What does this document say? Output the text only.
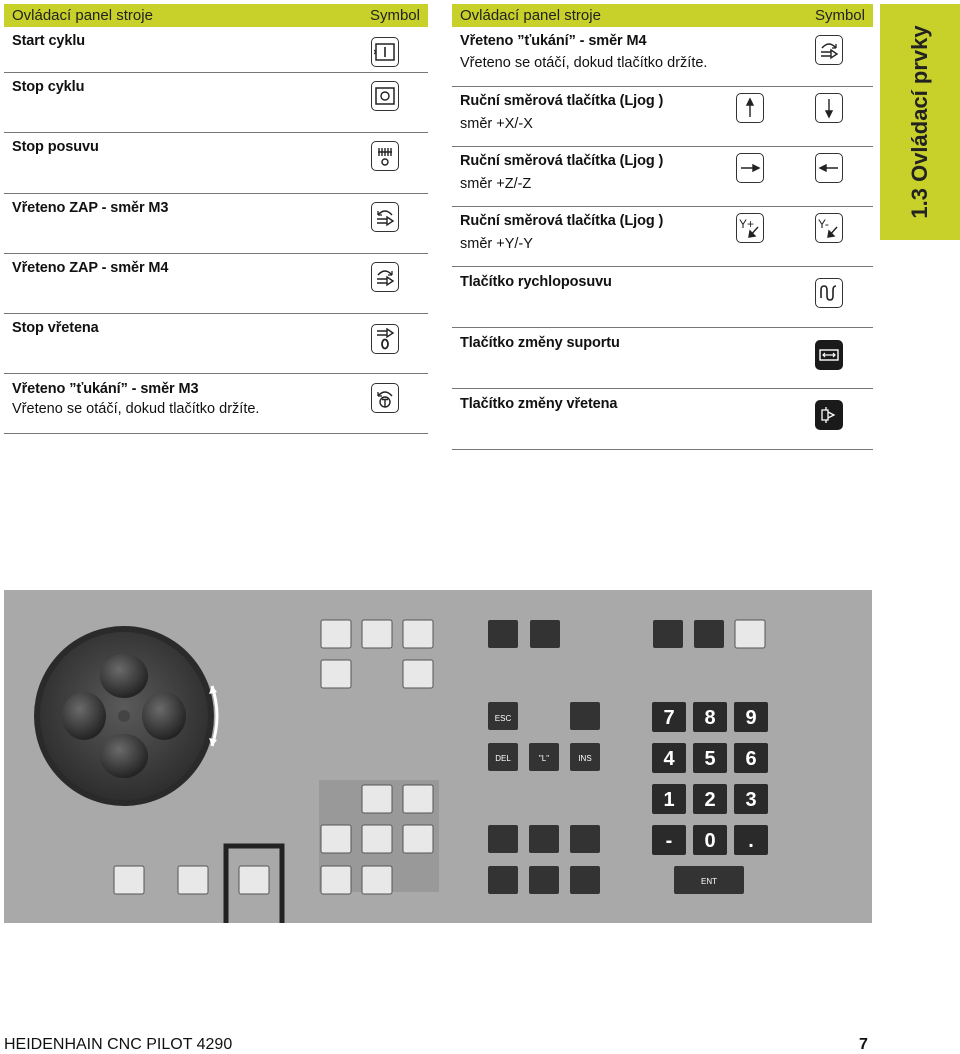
Ovládací panel stroje	Symbol
Start cyklu
Stop cyklu
Stop posuvu
Vřeteno ZAP - směr M3
Vřeteno ZAP - směr M4
Stop vřetena
Vřeteno ”ťukání” - směr M3
Vřeteno se otáčí, dokud tlačítko držíte.
Ovládací panel stroje	Symbol
Vřeteno ”ťukání” - směr M4
Vřeteno se otáčí, dokud tlačítko držíte.
Ruční směrová tlačítka (Ljog )
směr +X/-X
Ruční směrová tlačítka (Ljog )
směr +Z/-Z
Ruční směrová tlačítka (Ljog )
směr +Y/-Y
Y+	Y-
Tlačítko rychloposuvu
Tlačítko změny suportu
Tlačítko změny vřetena
1.3 Ovládací prvky
ESC
DEL	"L"	INS
7 8 9
4 5 6
1 2 3
- 0 .
ENT
HEIDENHAIN CNC PILOT 4290	7
